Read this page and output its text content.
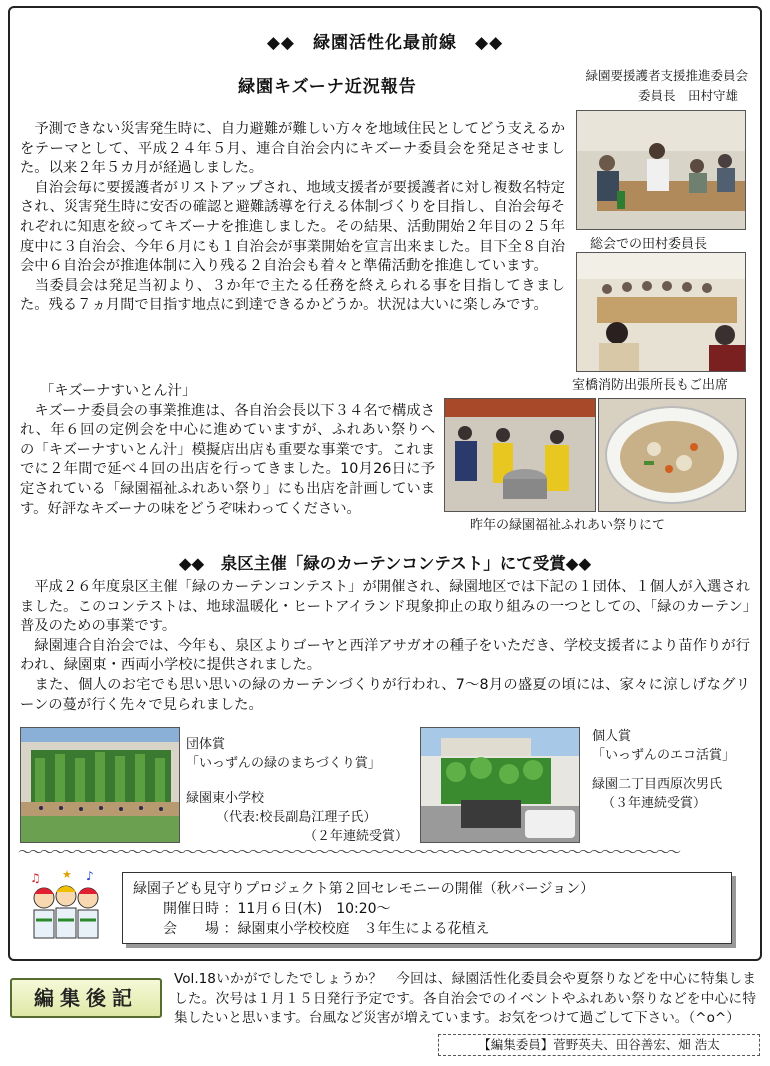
◆◆　緑園活性化最前線　◆◆
緑園キズーナ近況報告
緑園要援護者支援推進委員会
委員長　田村守雄

　予測できない災害発生時に、自力避難が難しい方々を地域住民としてどう支えるかをテーマとして、平成２４年５月、連合自治会内にキズーナ委員会を発足させました。以来２年５カ月が経過しました。

　自治会毎に要援護者がリストアップされ、地域支援者が要援護者に対し複数名特定され、災害発生時に安否の確認と避難誘導を行える体制づくりを目指し、自治会毎それぞれに知恵を絞ってキズーナを推進しました。その結果、活動開始２年目の２５年度中に３自治会、今年６月にも１自治会が事業開始を宣言出来ました。目下全８自治会中６自治会が推進体制に入り残る２自治会も着々と準備活動を推進しています。

　当委員会は発足当初より、３か年で主たる任務を終えられる事を目指してきました。残る７ヵ月間で目指す地点に到達できるかどうか。状況は大いに楽しみです。

「キズーナすいとん汁」

　キズーナ委員会の事業推進は、各自治会長以下３４名で構成され、年６回の定例会を中心に進めていますが、ふれあい祭りへの「キズーナすいとん汁」模擬店出店も重要な事業です。これまでに２年間で延べ４回の出店を行ってきました。10月26日に予定されている「緑園福祉ふれあい祭り」にも出店を計画しています。好評なキズーナの味をどうぞ味わってください。

総会での田村委員長
室橋消防出張所長もご出席
昨年の緑園福祉ふれあい祭りにて
◆◆　泉区主催「緑のカーテンコンテスト」にて受賞◆◆

　平成２６年度泉区主催「緑のカーテンコンテスト」が開催され、緑園地区では下記の１団体、１個人が入選されました。このコンテストは、地球温暖化・ヒートアイランド現象抑止の取り組みの一つとしての、「緑のカーテン」普及のための事業です。

　緑園連合自治会では、今年も、泉区よりゴーヤと西洋アサガオの種子をいただき、学校支援者により苗作りが行われ、緑園東・西両小学校に提供されました。

　また、個人のお宅でも思い思いの緑のカーテンづくりが行われ、7～8月の盛夏の頃には、家々に涼しげなグリーンの蔓が行く先々で見られました。

団体賞
「いっずんの緑のまちづくり賞」
緑園東小学校
（代表:校長副島江理子氏）
（２年連続受賞）
個人賞
「いっずんのエコ活賞」
緑園二丁目西原次男氏
（３年連続受賞）
〜〜〜〜〜〜〜〜〜〜〜〜〜〜〜〜〜〜〜〜〜〜〜〜〜〜〜〜〜〜〜〜〜〜〜〜〜〜〜〜〜〜〜〜〜〜〜〜〜〜〜〜〜〜〜〜〜〜〜〜
♫	♪
★
緑園子ども見守りプロジェクト第２回セレモニーの開催（秋バージョン）
開催日時 ：11月６日(木)　10:20〜
会　　場 ：緑園東小学校校庭　３年生による花植え
編集後記
Vol.18いかがでしたでしょうか？　今回は、緑園活性化委員会や夏祭りなどを中心に特集しました。次号は１月１５日発行予定です。各自治会でのイベントやふれあい祭りなどを中心に特集したいと思います。台風など災害が増えています。お気をつけて過ごして下さい。（^o^）
【編集委員】菅野英夫、田谷善宏、畑 浩太
